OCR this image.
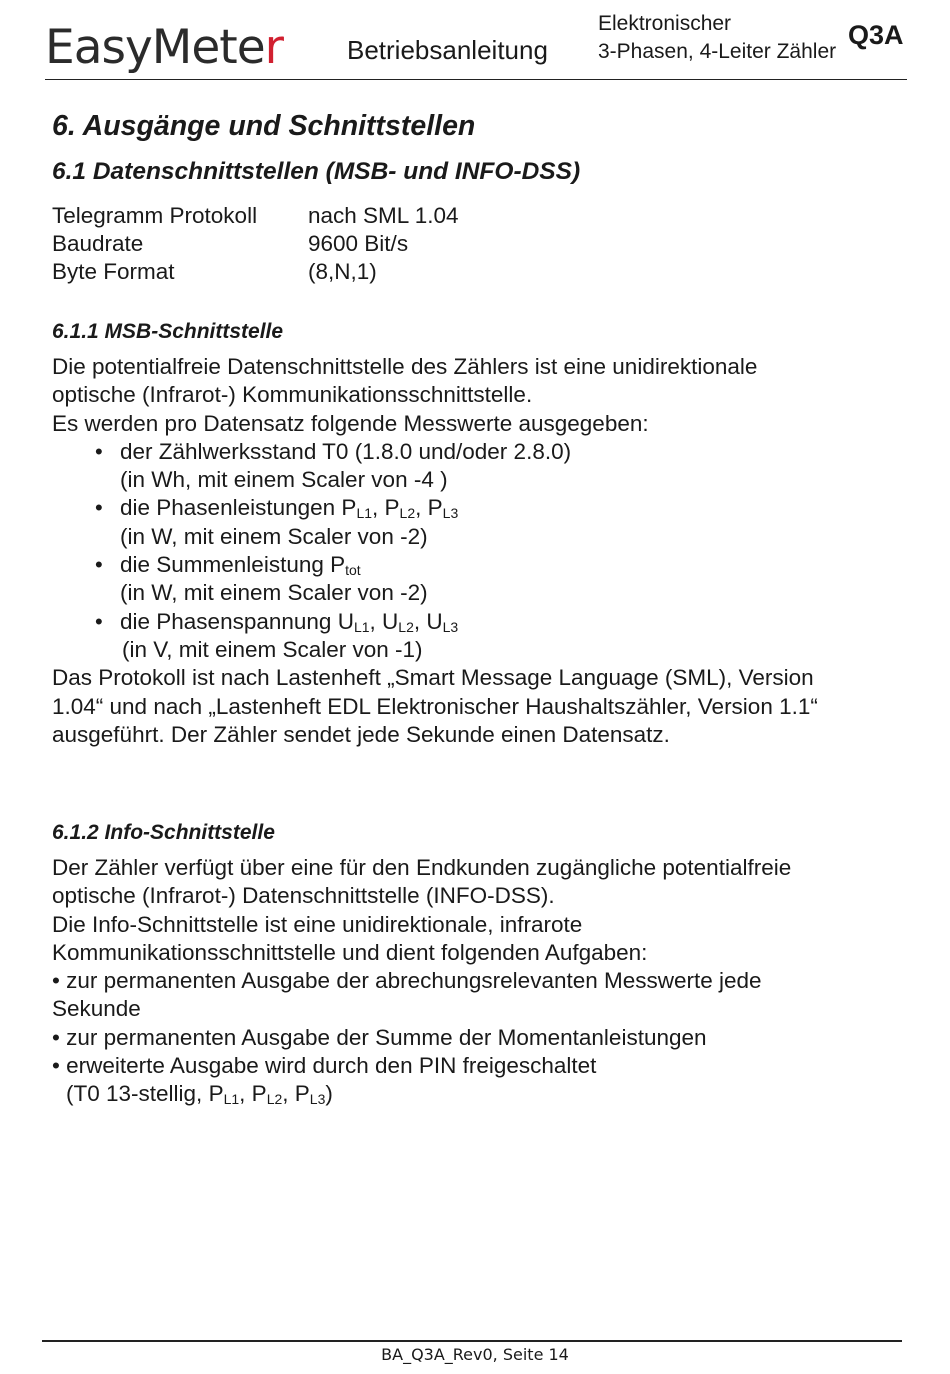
EasyMeter Betriebsanleitung
Elektronischer
3-Phasen, 4-Leiter Zähler
Q3A
6. Ausgänge und Schnittstellen
6.1 Datenschnittstellen (MSB- und INFO-DSS)
Telegramm Protokoll nach SML 1.04
Baudrate	9600 Bit/s
Byte Format	(8,N,1)
6.1.1 MSB-Schnittstelle
Die potentialfreie Datenschnittstelle des Zählers ist eine unidirektionale
optische (Infrarot-) Kommunikationsschnittstelle.
Es werden pro Datensatz folgende Messwerte ausgegeben:
• der Zählwerksstand T0 (1.8.0 und/oder 2.8.0)
(in Wh, mit einem Scaler von -4 )
• die Phasenleistungen $P_{L1}$, $P_{L2}$, $P_{L3}$
(in W, mit einem Scaler von -2)
• die Summenleistung $P_{tot}$
(in W, mit einem Scaler von -2)
• die Phasenspannung $U_{L1}$, $U_{L2}$, $U_{L3}$
(in V, mit einem Scaler von -1)
Das Protokoll ist nach Lastenheft „Smart Message Language (SML), Version
1.04“ und nach „Lastenheft EDL Elektronischer Haushaltszähler, Version 1.1“
ausgeführt. Der Zähler sendet jede Sekunde einen Datensatz.
6.1.2 Info-Schnittstelle
Der Zähler verfügt über eine für den Endkunden zugängliche potentialfreie
optische (Infrarot-) Datenschnittstelle (INFO-DSS).
Die Info-Schnittstelle ist eine unidirektionale, infrarote
Kommunikationsschnittstelle und dient folgenden Aufgaben:
• zur permanenten Ausgabe der abrechungsrelevanten Messwerte jede
Sekunde
• zur permanenten Ausgabe der Summe der Momentanleistungen
• erweiterte Ausgabe wird durch den PIN freigeschaltet
(T0 13-stellig, $P_{L1}$, $P_{L2}$, $P_{L3}$)
BA_Q3A_Rev0, Seite 14
